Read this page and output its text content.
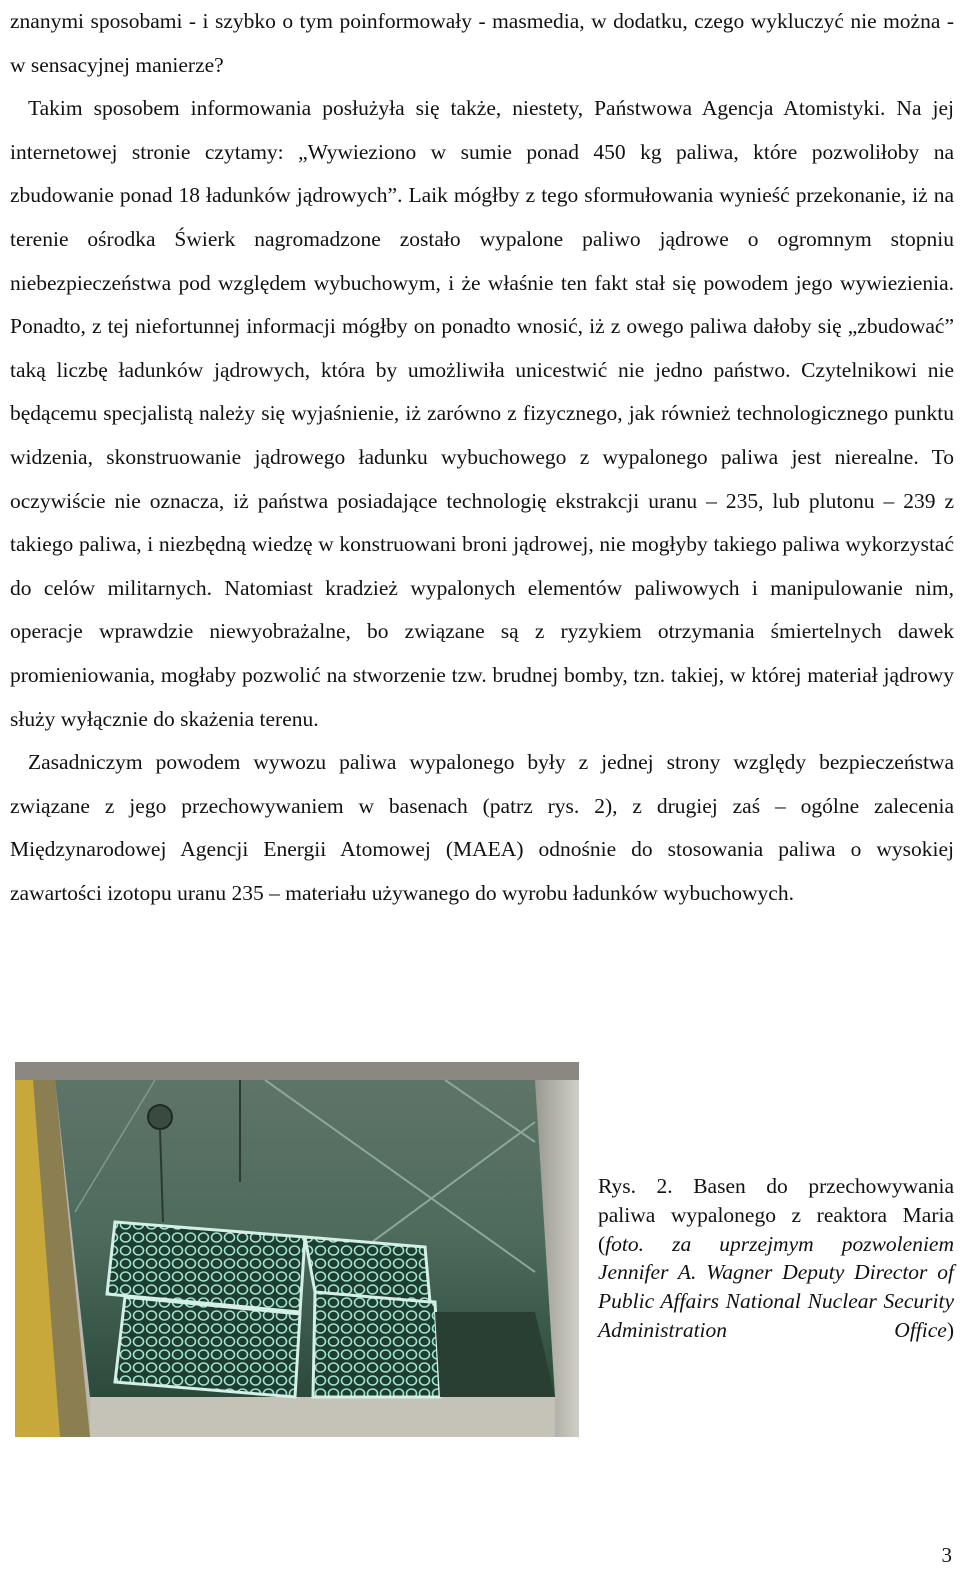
znanymi sposobami - i szybko o tym poinformowały - masmedia, w dodatku, czego wykluczyć nie można - w sensacyjnej manierze?

Takim sposobem informowania posłużyła się także, niestety, Państwowa Agencja Atomistyki. Na jej internetowej stronie czytamy: „Wywieziono w sumie ponad 450 kg paliwa, które pozwoliłoby na zbudowanie ponad 18 ładunków jądrowych”. Laik mógłby z tego sformułowania wynieść przekonanie, iż na terenie ośrodka Świerk nagromadzone zostało wypalone paliwo jądrowe o ogromnym stopniu niebezpieczeństwa pod względem wybuchowym, i że właśnie ten fakt stał się powodem jego wywiezienia. Ponadto, z tej niefortunnej informacji mógłby on ponadto wnosić, iż z owego paliwa dałoby się „zbudować” taką liczbę ładunków jądrowych, która by umożliwiła unicestwić nie jedno państwo. Czytelnikowi nie będącemu specjalistą należy się wyjaśnienie, iż zarówno z fizycznego, jak również technologicznego punktu widzenia, skonstruowanie jądrowego ładunku wybuchowego z wypalonego paliwa jest nierealne. To oczywiście nie oznacza, iż państwa posiadające technologię ekstrakcji uranu – 235, lub plutonu – 239 z takiego paliwa, i niezbędną wiedzę w konstruowani broni jądrowej, nie mogłyby takiego paliwa wykorzystać do celów militarnych. Natomiast kradzież wypalonych elementów paliwowych i manipulowanie nim, operacje wprawdzie niewyobrażalne, bo związane są z ryzykiem otrzymania śmiertelnych dawek promieniowania, mogłaby pozwolić na stworzenie tzw. brudnej bomby, tzn. takiej, w której materiał jądrowy służy wyłącznie do skażenia terenu.

Zasadniczym powodem wywozu paliwa wypalonego były z jednej strony względy bezpieczeństwa związane z jego przechowywaniem w basenach (patrz rys. 2), z drugiej zaś – ogólne zalecenia Międzynarodowej Agencji Energii Atomowej (MAEA) odnośnie do stosowania paliwa o wysokiej zawartości izotopu uranu 235 – materiału używanego do wyrobu ładunków wybuchowych.

Rys. 2. Basen do przechowywania paliwa wypalonego z reaktora Maria (foto. za uprzejmym pozwoleniem Jennifer A. Wagner Deputy Director of Public Affairs National Nuclear Security Administration Office)
3
